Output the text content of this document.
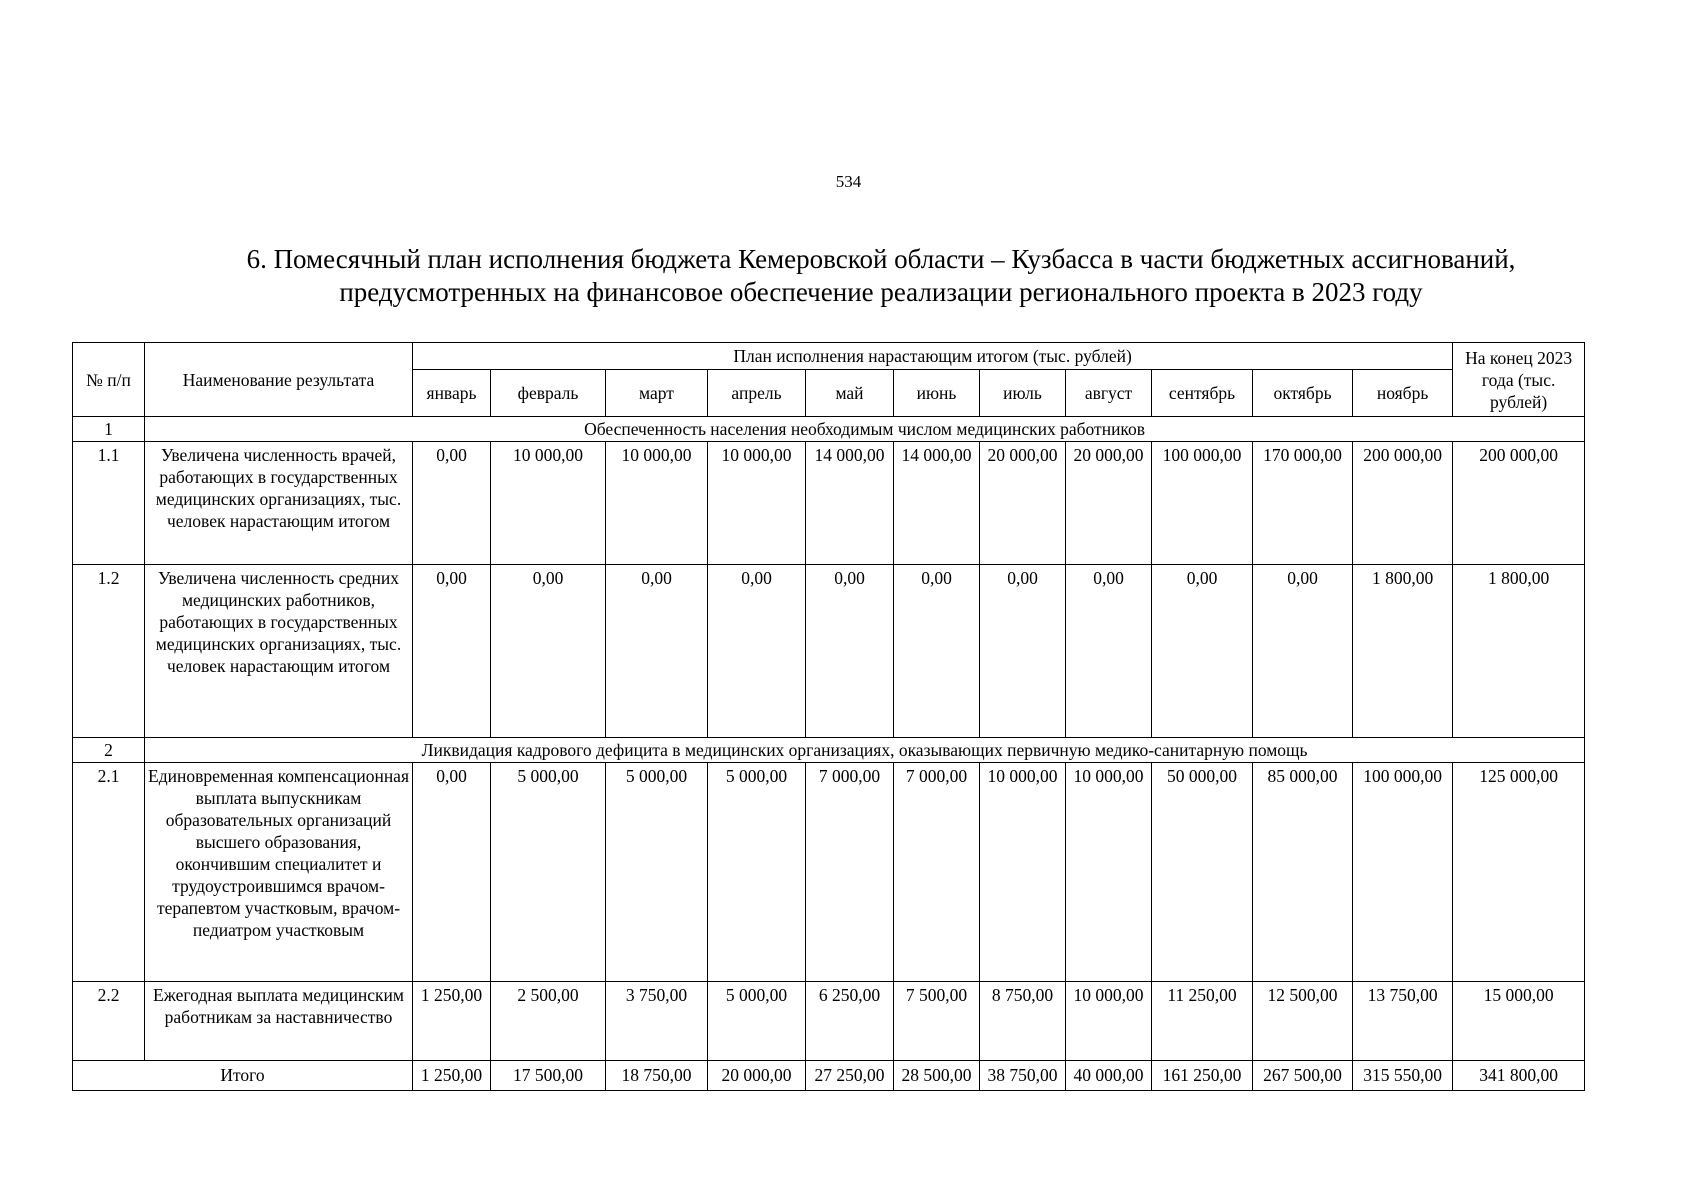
534
6. Помесячный план исполнения бюджета Кемеровской области – Кузбасса в части бюджетных ассигнований,
предусмотренных на финансовое обеспечение реализации регионального проекта в 2023 году
№ п/п	Наименование результата	План исполнения нарастающим итогом (тыс. рублей)											На конец 2023 года (тыс. рублей)
		январь	февраль	март	апрель	май	июнь	июль	август	сентябрь	октябрь	ноябрь	
1	Обеспеченность населения необходимым числом медицинских работников												
1.1	Увеличена численность врачей, работающих в государственных медицинских организациях, тыс. человек нарастающим итогом	0,00	10 000,00	10 000,00	10 000,00	14 000,00	14 000,00	20 000,00	20 000,00	100 000,00	170 000,00	200 000,00	200 000,00
1.2	Увеличена численность средних медицинских работников, работающих в государственных медицинских организациях, тыс. человек нарастающим итогом	0,00	0,00	0,00	0,00	0,00	0,00	0,00	0,00	0,00	0,00	1 800,00	1 800,00
2	Ликвидация кадрового дефицита в медицинских организациях, оказывающих первичную медико-санитарную помощь												
2.1	Единовременная компенсационная выплата выпускникам образовательных организаций высшего образования, окончившим специалитет и трудоустроившимся врачом-терапевтом участковым, врачом-педиатром участковым	0,00	5 000,00	5 000,00	5 000,00	7 000,00	7 000,00	10 000,00	10 000,00	50 000,00	85 000,00	100 000,00	125 000,00
2.2	Ежегодная выплата медицинским работникам за наставничество	1 250,00	2 500,00	3 750,00	5 000,00	6 250,00	7 500,00	8 750,00	10 000,00	11 250,00	12 500,00	13 750,00	15 000,00
Итого		1 250,00	17 500,00	18 750,00	20 000,00	27 250,00	28 500,00	38 750,00	40 000,00	161 250,00	267 500,00	315 550,00	341 800,00
